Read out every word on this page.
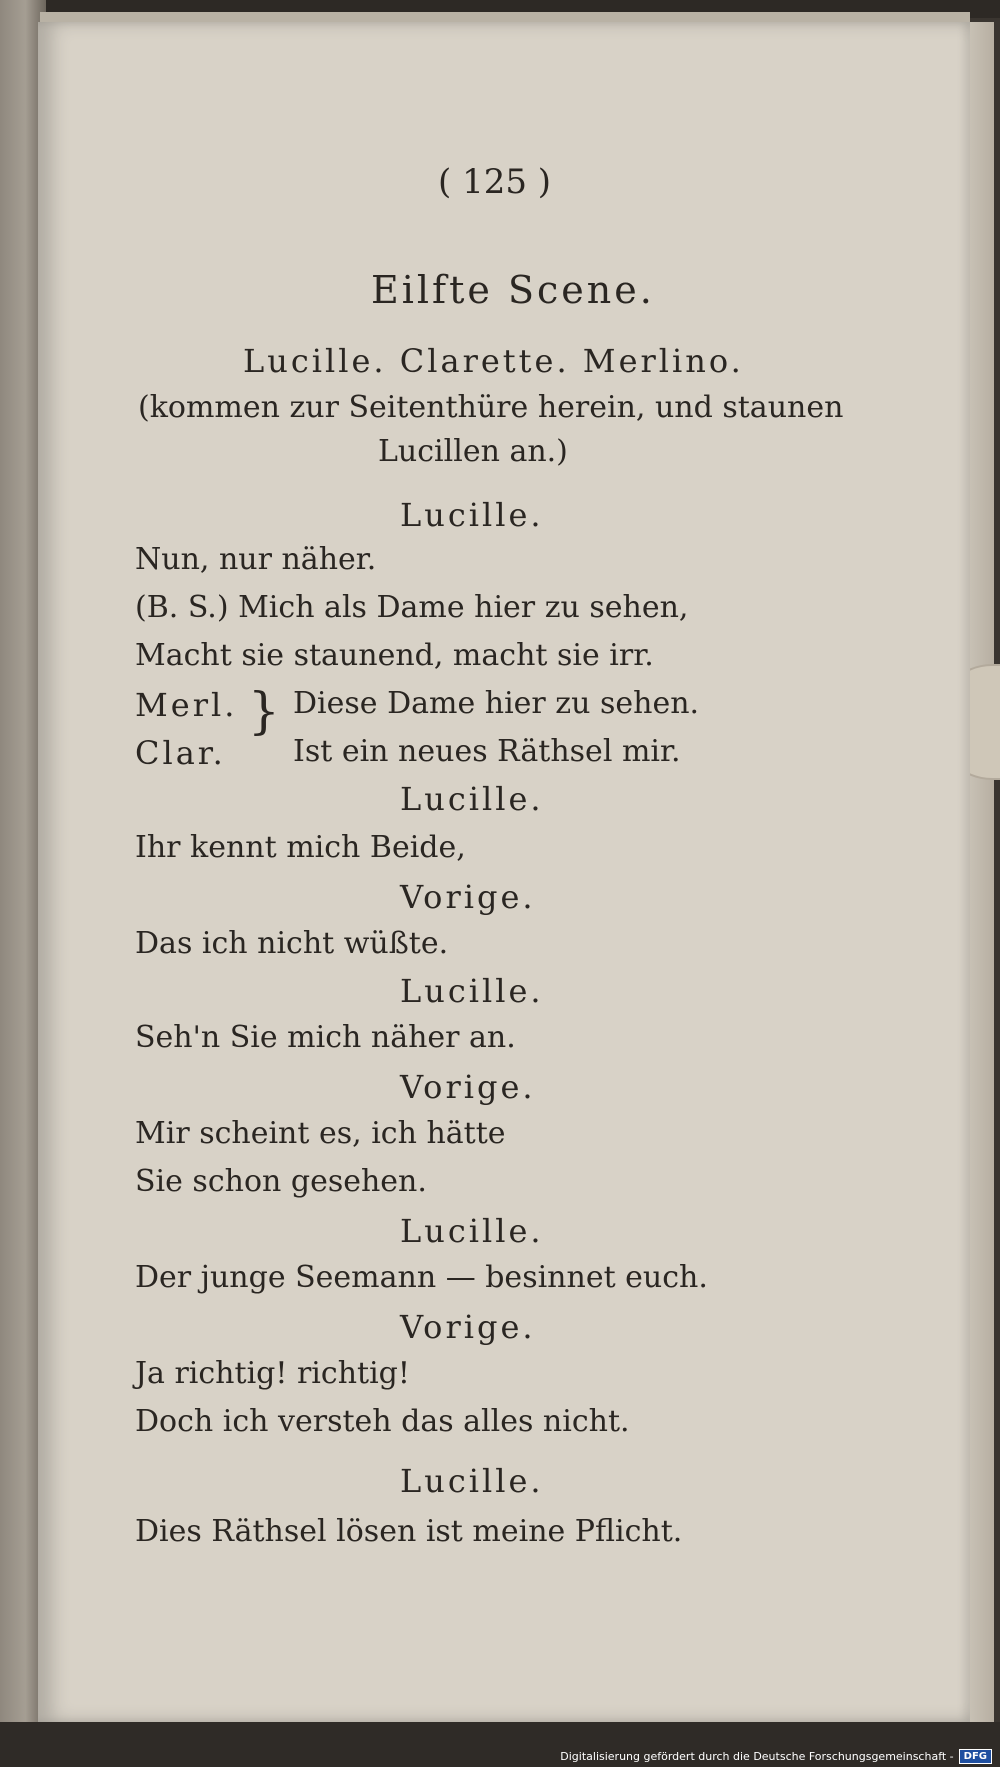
( 125 )
Eilfte Scene.
Lucille. Clarette. Merlino.
(kommen zur Seitenthüre herein, und staunen
Lucillen an.)
Lucille.
Nun, nur näher.
(B. S.) Mich als Dame hier zu sehen,
Macht sie staunend, macht sie irr.
Merl. } Diese Dame hier zu sehen.
Clar. Ist ein neues Räthsel mir.
Lucille.
Ihr kennt mich Beide,
Vorige.
Das ich nicht wüßte.
Lucille.
Seh'n Sie mich näher an.
Vorige.
Mir scheint es, ich hätte
Sie schon gesehen.
Lucille.
Der junge Seemann — besinnet euch.
Vorige.
Ja richtig! richtig!
Doch ich versteh das alles nicht.
Lucille.
Dies Räthsel lösen ist meine Pflicht.
Digitalisierung gefördert durch die Deutsche Forschungsgemeinschaft -	DFG
